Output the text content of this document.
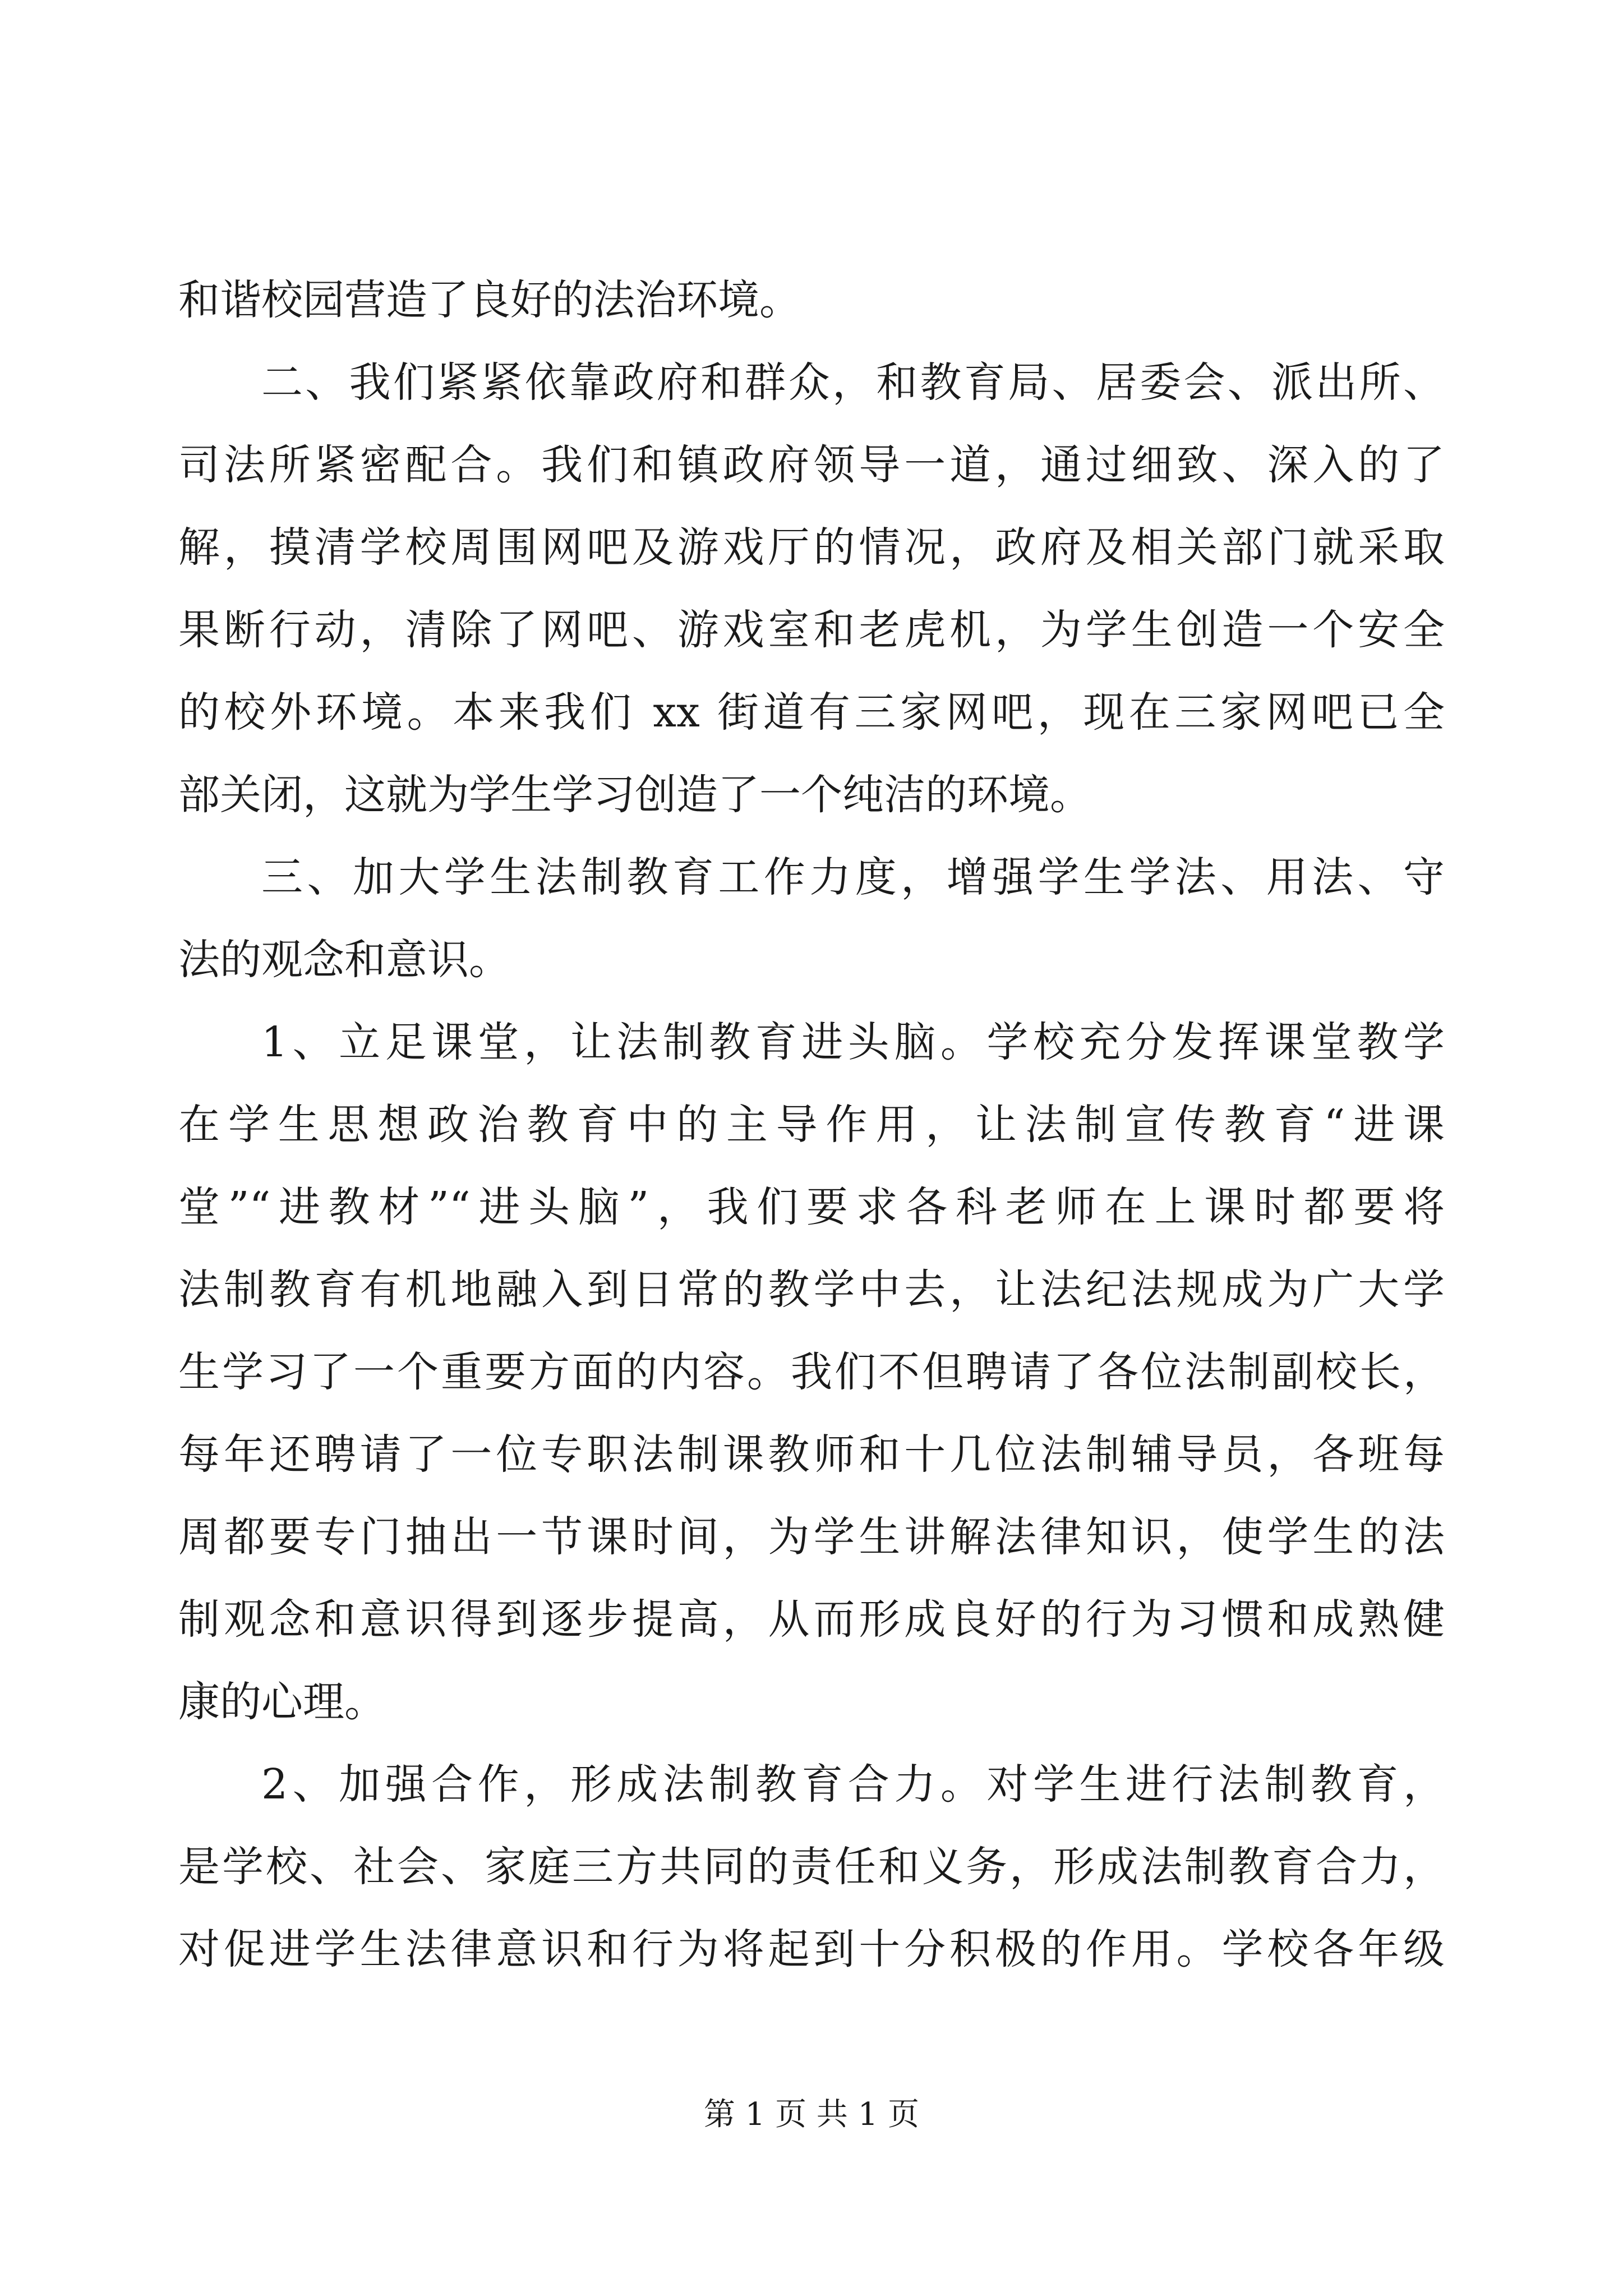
和谐校园营造了良好的法治环境。
二、我们紧紧依靠政府和群众，和教育局、居委会、派出所、
司法所紧密配合。我们和镇政府领导一道，通过细致、深入的了
解，摸清学校周围网吧及游戏厅的情况，政府及相关部门就采取
果断行动，清除了网吧、游戏室和老虎机，为学生创造一个安全
的校外环境。本来我们 xx 街道有三家网吧，现在三家网吧已全
部关闭，这就为学生学习创造了一个纯洁的环境。
三、加大学生法制教育工作力度，增强学生学法、用法、守
法的观念和意识。
1、立足课堂，让法制教育进头脑。学校充分发挥课堂教学
在学生思想政治教育中的主导作用，让法制宣传教育“进课
堂”“进教材”“进头脑”，我们要求各科老师在上课时都要将
法制教育有机地融入到日常的教学中去，让法纪法规成为广大学
生学习了一个重要方面的内容。我们不但聘请了各位法制副校长，
每年还聘请了一位专职法制课教师和十几位法制辅导员，各班每
周都要专门抽出一节课时间，为学生讲解法律知识，使学生的法
制观念和意识得到逐步提高，从而形成良好的行为习惯和成熟健
康的心理。
2、加强合作，形成法制教育合力。对学生进行法制教育，
是学校、社会、家庭三方共同的责任和义务，形成法制教育合力，
对促进学生法律意识和行为将起到十分积极的作用。学校各年级
第 1 页 共 1 页
